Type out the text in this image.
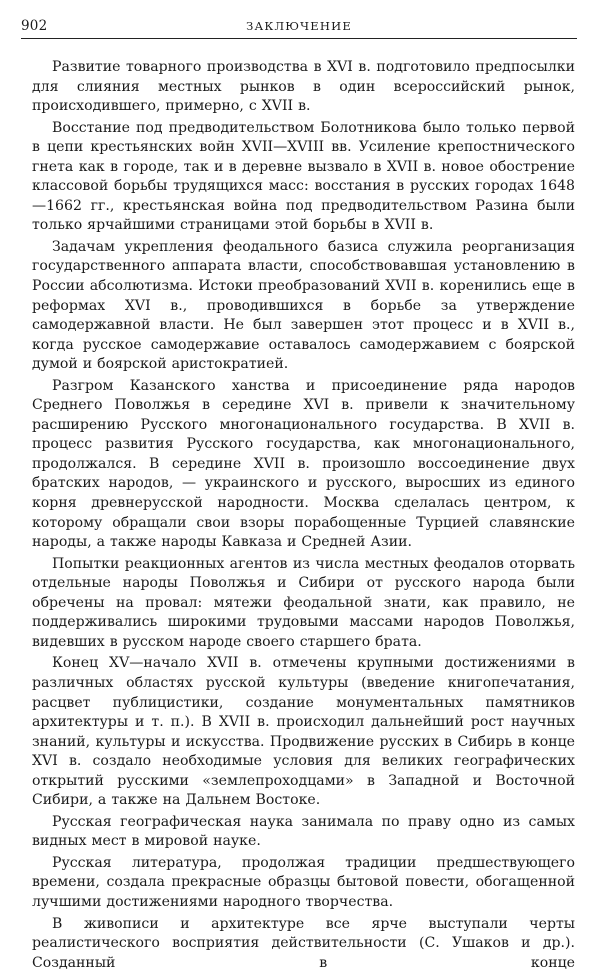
902	ЗАКЛЮЧЕНИЕ

Развитие товарного производства в XVI в. подготовило предпосылки для слияния местных рынков в один всероссийский рынок, происходившего, примерно, с XVII в.

Восстание под предводительством Болотникова было только первой в цепи крестьянских войн XVII—XVIII вв. Усиление крепостнического гнета как в городе, так и в деревне вызвало в XVII в. новое обострение классовой борьбы трудящихся масс: восстания в русских городах 1648—1662 гг., крестьянская война под предводительством Разина были только ярчайшими страницами этой борьбы в XVII в.

Задачам укрепления феодального базиса служила реорганизация государственного аппарата власти, способствовавшая установлению в России абсолютизма. Истоки преобразований XVII в. коренились еще в реформах XVI в., проводившихся в борьбе за утверждение самодержавной власти. Не был завершен этот процесс и в XVII в., когда русское самодержавие оставалось самодержавием с боярской думой и боярской аристократией.

Разгром Казанского ханства и присоединение ряда народов Среднего Поволжья в середине XVI в. привели к значительному расширению Русского многонационального государства. В XVII в. процесс развития Русского государства, как многонационального, продолжался. В середине XVII в. произошло воссоединение двух братских народов, — украинского и русского, выросших из единого корня древнерусской народности. Москва сделалась центром, к которому обращали свои взоры порабощенные Турцией славянские народы, а также народы Кавказа и Средней Азии.

Попытки реакционных агентов из числа местных феодалов оторвать отдельные народы Поволжья и Сибири от русского народа были обречены на провал: мятежи феодальной знати, как правило, не поддерживались широкими трудовыми массами народов Поволжья, видевших в русском народе своего старшего брата.

Конец XV—начало XVII в. отмечены крупными достижениями в различных областях русской культуры (введение книгопечатания, расцвет публицистики, создание монументальных памятников архитектуры и т. п.). В XVII в. происходил дальнейший рост научных знаний, культуры и искусства. Продвижение русских в Сибирь в конце XVI в. создало необходимые условия для великих географических открытий русскими «землепроходцами» в Западной и Восточной Сибири, а также на Дальнем Востоке.

Русская географическая наука занимала по праву одно из самых видных мест в мировой науке.

Русская литература, продолжая традиции предшествующего времени, создала прекрасные образцы бытовой повести, обогащенной лучшими достижениями народного творчества.

В живописи и архитектуре все ярче выступали черты реалистического восприятия действительности (С. Ушаков и др.). Созданный в конце
